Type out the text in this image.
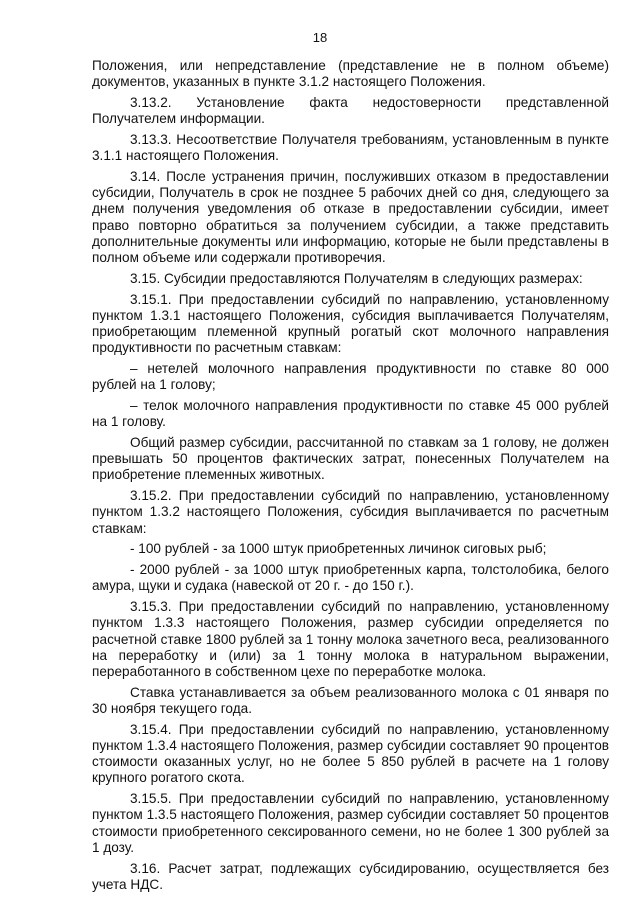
18

Положения, или непредставление (представление не в полном объеме) документов, указанных в пункте 3.1.2 настоящего Положения.

3.13.2. Установление факта недостоверности представленной Получателем информации.

3.13.3. Несоответствие Получателя требованиям, установленным в пункте 3.1.1 настоящего Положения.

3.14. После устранения причин, послуживших отказом в предоставлении субсидии, Получатель в срок не позднее 5 рабочих дней со дня, следующего за днем получения уведомления об отказе в предоставлении субсидии, имеет право повторно обратиться за получением субсидии, а также представить дополнительные документы или информацию, которые не были представлены в полном объеме или содержали противоречия.

3.15. Субсидии предоставляются Получателям в следующих размерах:

3.15.1. При предоставлении субсидий по направлению, установленному пунктом 1.3.1 настоящего Положения, субсидия выплачивается Получателям, приобретающим племенной крупный рогатый скот молочного направления продуктивности по расчетным ставкам:

– нетелей молочного направления продуктивности по ставке 80 000 рублей на 1 голову;

– телок молочного направления продуктивности по ставке 45 000 рублей на 1 голову.

Общий размер субсидии, рассчитанной по ставкам за 1 голову, не должен превышать 50 процентов фактических затрат, понесенных Получателем на приобретение племенных животных.

3.15.2. При предоставлении субсидий по направлению, установленному пунктом 1.3.2 настоящего Положения, субсидия выплачивается по расчетным ставкам:

- 100 рублей - за 1000 штук приобретенных личинок сиговых рыб;

- 2000 рублей - за 1000 штук приобретенных карпа, толстолобика, белого амура, щуки и судака (навеской от 20 г. - до 150 г.).

3.15.3. При предоставлении субсидий по направлению, установленному пунктом 1.3.3 настоящего Положения, размер субсидии определяется по расчетной ставке 1800 рублей за 1 тонну молока зачетного веса, реализованного на переработку и (или) за 1 тонну молока в натуральном выражении, переработанного в собственном цехе по переработке молока.

Ставка устанавливается за объем реализованного молока с 01 января по 30 ноября текущего года.

3.15.4. При предоставлении субсидий по направлению, установленному пунктом 1.3.4 настоящего Положения, размер субсидии составляет 90 процентов стоимости оказанных услуг, но не более 5 850 рублей в расчете на 1 голову крупного рогатого скота.

3.15.5. При предоставлении субсидий по направлению, установленному пунктом 1.3.5 настоящего Положения, размер субсидии составляет 50 процентов стоимости приобретенного сексированного семени, но не более 1 300 рублей за 1 дозу.

3.16. Расчет затрат, подлежащих субсидированию, осуществляется без учета НДС.
